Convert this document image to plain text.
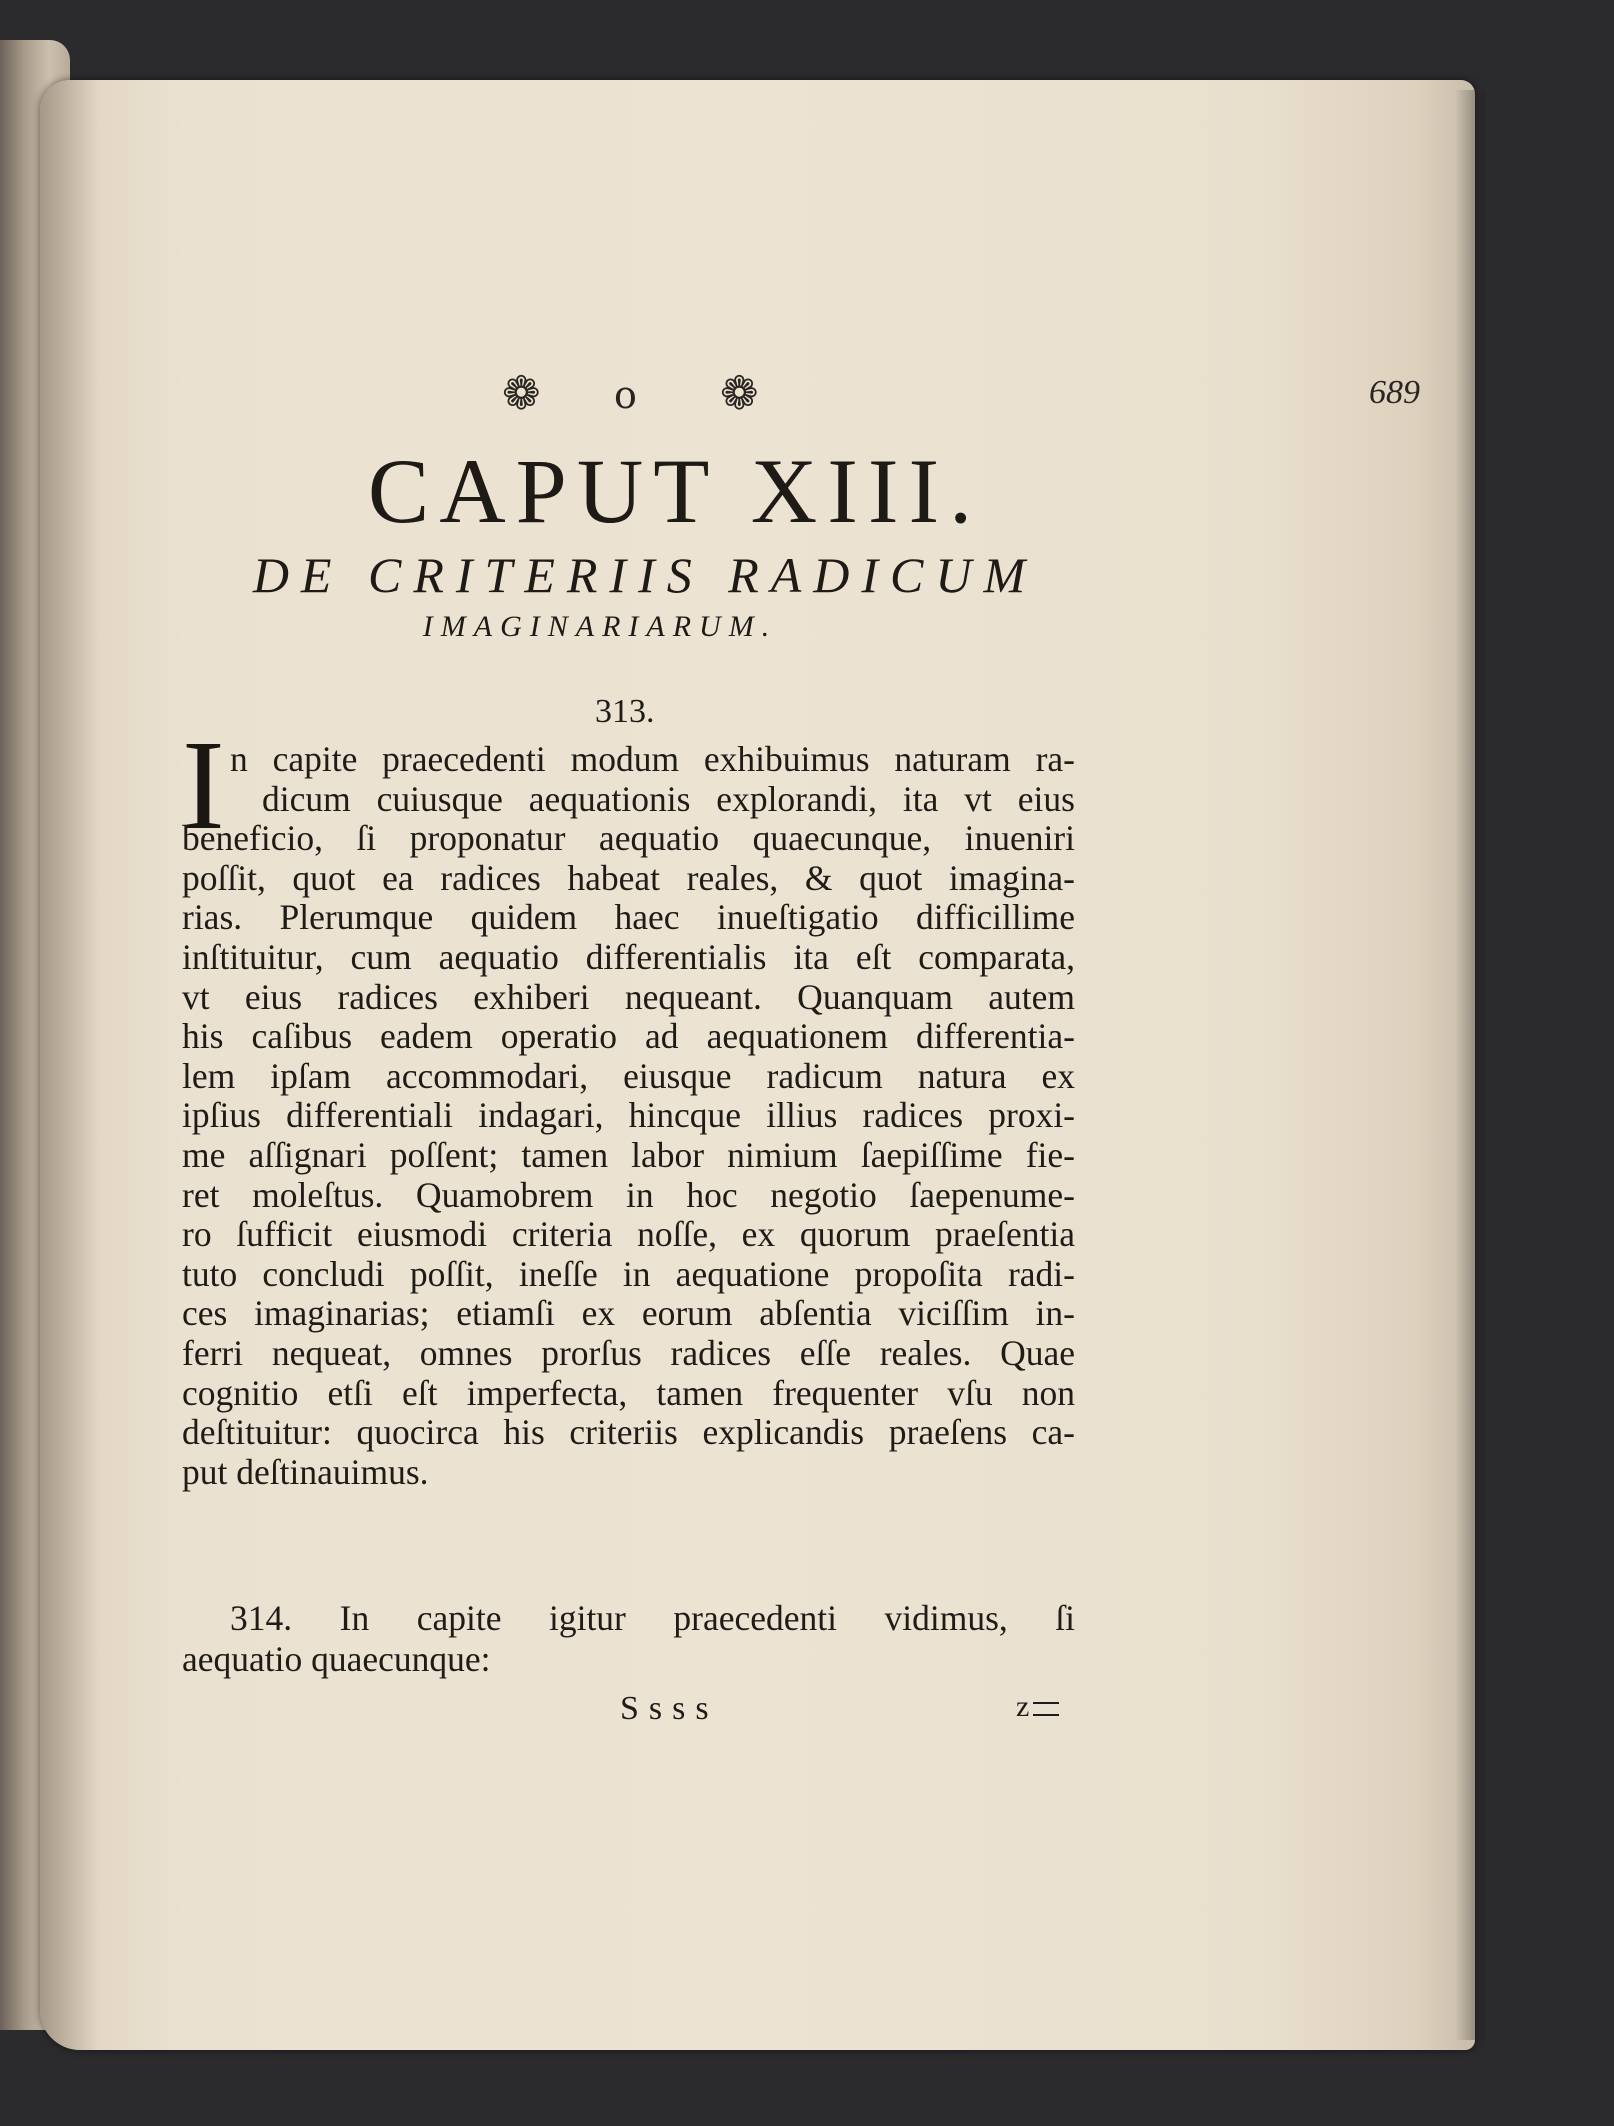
❁ o ❁	689
CAPUT XIII.
DE CRITERIIS RADICUM
IMAGINARIARUM.
313.
I n capite praecedenti modum exhibuimus naturam ra-
dicum cuiusque aequationis explorandi, ita vt eius
beneficio, ſi proponatur aequatio quaecunque, inueniri
poſſit, quot ea radices habeat reales, & quot imagina-
rias. Plerumque quidem haec inueſtigatio difficillime
inſtituitur, cum aequatio differentialis ita eſt comparata,
vt eius radices exhiberi nequeant. Quanquam autem
his caſibus eadem operatio ad aequationem differentia-
lem ipſam accommodari, eiusque radicum natura ex
ipſius differentiali indagari, hincque illius radices proxi-
me aſſignari poſſent; tamen labor nimium ſaepiſſime fie-
ret moleſtus. Quamobrem in hoc negotio ſaepenume-
ro ſufficit eiusmodi criteria noſſe, ex quorum praeſentia
tuto concludi poſſit, ineſſe in aequatione propoſita radi-
ces imaginarias; etiamſi ex eorum abſentia viciſſim in-
ferri nequeat, omnes prorſus radices eſſe reales. Quae
cognitio etſi eſt imperfecta, tamen frequenter vſu non
deſtituitur: quocirca his criteriis explicandis praeſens ca-
put deſtinauimus.
314. In capite igitur praecedenti vidimus, ſi
aequatio quaecunque:
Ssss	z
